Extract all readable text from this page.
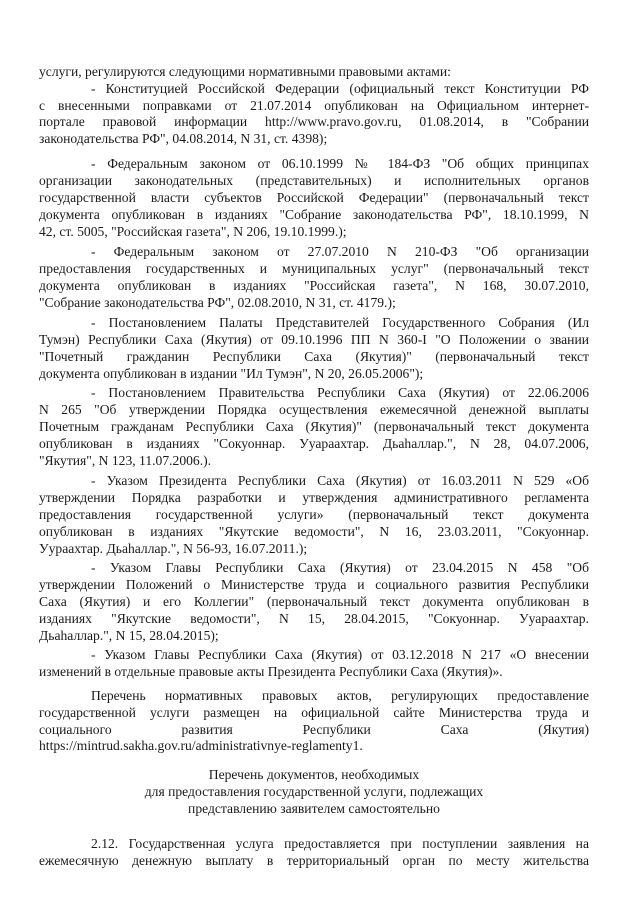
услуги, регулируются следующими нормативными правовыми актами:
- Конституцией Российской Федерации (официальный текст Конституции РФ
с внесенными поправками от 21.07.2014 опубликован на Официальном интернет-
портале правовой информации http://www.pravo.gov.ru, 01.08.2014, в "Собрании
законодательства РФ", 04.08.2014, N 31, ст. 4398);
- Федеральным законом от 06.10.1999 № 184-ФЗ "Об общих принципах
организации законодательных (представительных) и исполнительных органов
государственной власти субъектов Российской Федерации" (первоначальный текст
документа опубликован в изданиях "Собрание законодательства РФ", 18.10.1999, N
42, ст. 5005, "Российская газета", N 206, 19.10.1999.);
- Федеральным законом от 27.07.2010 N 210-ФЗ "Об организации
предоставления государственных и муниципальных услуг" (первоначальный текст
документа опубликован в изданиях "Российская газета", N 168, 30.07.2010,
"Собрание законодательства РФ", 02.08.2010, N 31, ст. 4179.);
- Постановлением Палаты Представителей Государственного Собрания (Ил
Тумэн) Республики Саха (Якутия) от 09.10.1996 ПП N 360-I "О Положении о звании
"Почетный гражданин Республики Саха (Якутия)" (первоначальный текст
документа опубликован в издании "Ил Тумэн", N 20, 26.05.2006");
- Постановлением Правительства Республики Саха (Якутия) от 22.06.2006
N 265 "Об утверждении Порядка осуществления ежемесячной денежной выплаты
Почетным гражданам Республики Саха (Якутия)" (первоначальный текст документа
опубликован в изданиях "Сокуоннар. Ууараахтар. Дьаһаллар.", N 28, 04.07.2006,
"Якутия", N 123, 11.07.2006.).
- Указом Президента Республики Саха (Якутия) от 16.03.2011 N 529 «Об
утверждении Порядка разработки и утверждения административного регламента
предоставления государственной услуги» (первоначальный текст документа
опубликован в изданиях "Якутские ведомости", N 16, 23.03.2011, "Сокуоннар.
Уураахтар. Дьаһаллар.", N 56-93, 16.07.2011.);
- Указом Главы Республики Саха (Якутия) от 23.04.2015 N 458 "Об
утверждении Положений о Министерстве труда и социального развития Республики
Саха (Якутия) и его Коллегии" (первоначальный текст документа опубликован в
изданиях "Якутские ведомости", N 15, 28.04.2015, "Сокуоннар. Ууараахтар.
Дьаһаллар.", N 15, 28.04.2015);
- Указом Главы Республики Саха (Якутия) от 03.12.2018 N 217 «О внесении
изменений в отдельные правовые акты Президента Республики Саха (Якутия)».
Перечень нормативных правовых актов, регулирующих предоставление
государственной услуги размещен на официальной сайте Министерства труда и
социального развития Республики Саха (Якутия)
https://mintrud.sakha.gov.ru/administrativnye-reglamenty1.
Перечень документов, необходимых
для предоставления государственной услуги, подлежащих
представлению заявителем самостоятельно
2.12. Государственная услуга предоставляется при поступлении заявления на
ежемесячную денежную выплату в территориальный орган по месту жительства
